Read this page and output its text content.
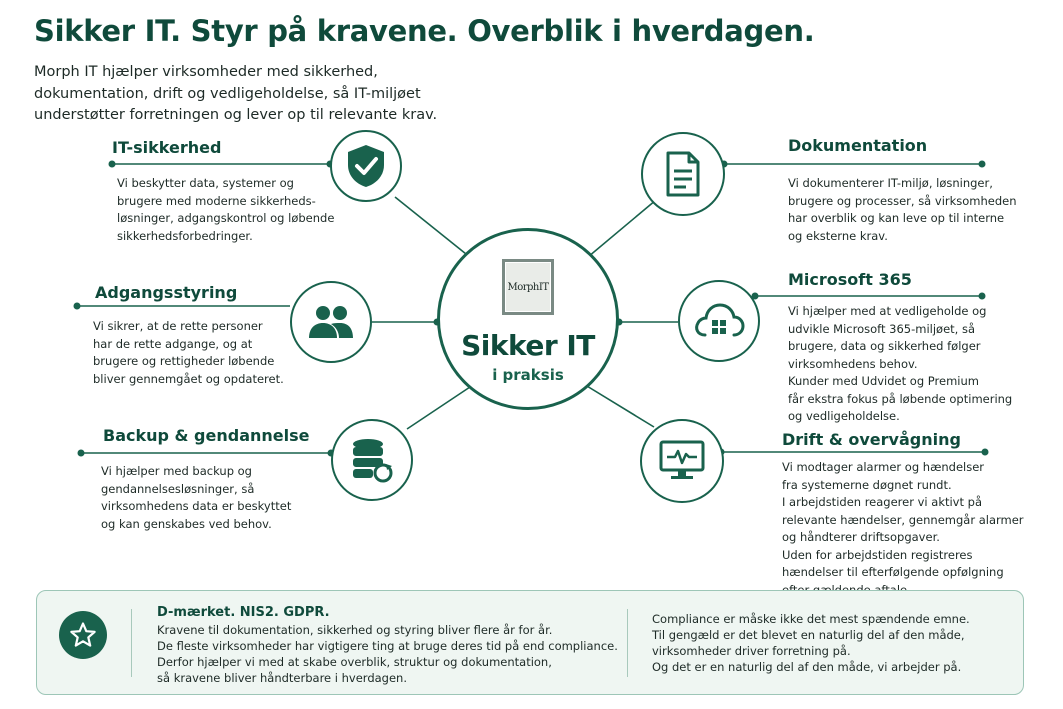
Sikker IT. Styr på kravene. Overblik i hverdagen.
Morph IT hjælper virksomheder med sikkerhed, dokumentation, drift og vedligeholdelse, så IT-miljøet understøtter forretningen og lever op til relevante krav.
MorphIT
Sikker IT
i praksis
IT-sikkerhed
Vi beskytter data, systemer og
brugere med moderne sikkerheds-
løsninger, adgangskontrol og løbende
sikkerhedsforbedringer.
Adgangsstyring
Vi sikrer, at de rette personer
har de rette adgange, og at
brugere og rettigheder løbende
bliver gennemgået og opdateret.
Backup & gendannelse
Vi hjælper med backup og
gendannelsesløsninger, så
virksomhedens data er beskyttet
og kan genskabes ved behov.
Dokumentation
Vi dokumenterer IT-miljø, løsninger,
brugere og processer, så virksomheden
har overblik og kan leve op til interne
og eksterne krav.
Microsoft 365
Vi hjælper med at vedligeholde og
udvikle Microsoft 365-miljøet, så
brugere, data og sikkerhed følger
virksomhedens behov.
Kunder med Udvidet og Premium
får ekstra fokus på løbende optimering
og vedligeholdelse.
Drift & overvågning
Vi modtager alarmer og hændelser
fra systemerne døgnet rundt.
I arbejdstiden reagerer vi aktivt på
relevante hændelser, gennemgår alarmer
og håndterer driftsopgaver.
Uden for arbejdstiden registreres
hændelser til efterfølgende opfølgning
D-mærket. NIS2. GDPR.
Kravene til dokumentation, sikkerhed og styring bliver flere år for år.
De fleste virksomheder har vigtigere ting at bruge deres tid på end compliance.
Derfor hjælper vi med at skabe overblik, struktur og dokumentation,
så kravene bliver håndterbare i hverdagen.
Compliance er måske ikke det mest spændende emne.
Til gengæld er det blevet en naturlig del af den måde,
virksomheder driver forretning på.
Og det er en naturlig del af den måde, vi arbejder på.
